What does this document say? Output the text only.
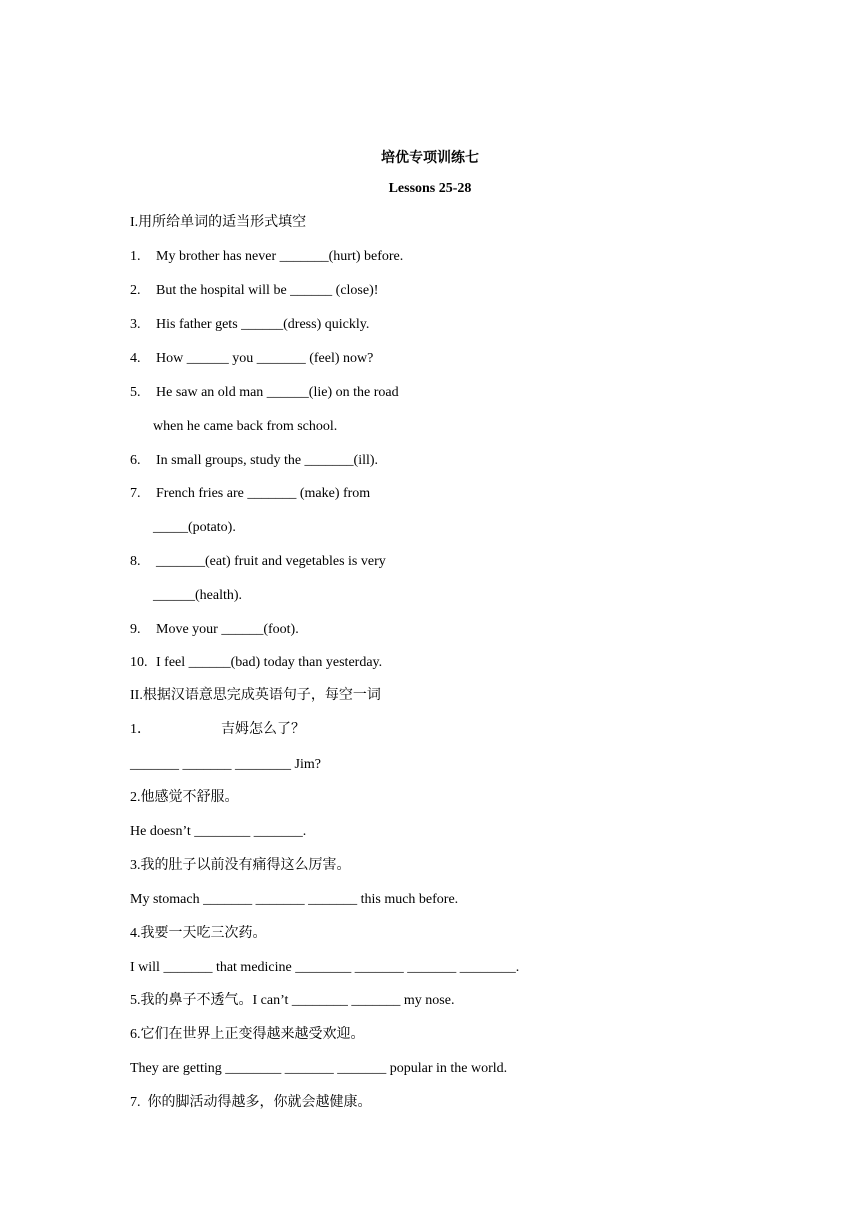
培优专项训练七
Lessons 25-28
I.用所给单词的适当形式填空
1. My brother has never _______(hurt) before.
2. But the hospital will be ______ (close)!
3. His father gets ______(dress) quickly.
4. How ______ you _______ (feel) now?
5. He saw an old man ______(lie) on the road
when he came back from school.
6. In small groups, study the _______(ill).
7. French fries are _______ (make) from
_____(potato).
8. _______(eat) fruit and vegetables is very
______(health).
9. Move your ______(foot).
10. I feel ______(bad) today than yesterday.
II.根据汉语意思完成英语句子，每空一词
1．	吉姆怎么了？
_______ _______ ________ Jim?
2.他感觉不舒服。
He doesn’t ________ _______.
3.我的肚子以前没有痛得这么厉害。
My stomach _______ _______ _______ this much before.
4.我要一天吃三次药。
I will _______ that medicine ________ _______ _______ ________.
5.我的鼻子不透气。I can’t ________ _______ my nose.
6.它们在世界上正变得越来越受欢迎。
They are getting ________ _______ _______ popular in the world.
7.  你的脚活动得越多，你就会越健康。
